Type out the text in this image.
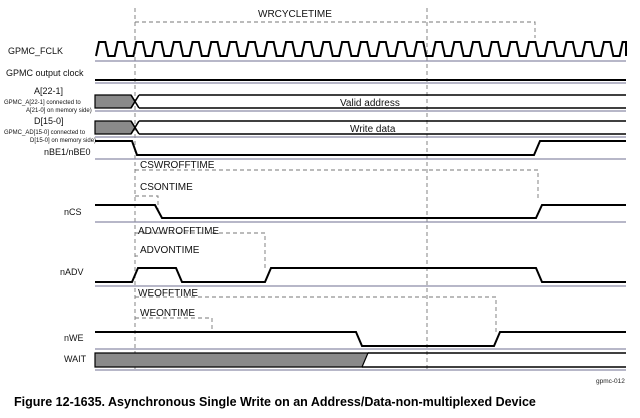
WRCYCLETIME
GPMC_FCLK
GPMC output clock
A[22-1]
GPMC_A[22-1] connected to
A[21-0] on memory side)
Valid address
D[15-0]
GPMC_AD[15-0] connected to
D[15-0] on memory side)
Write data
nBE1/nBE0
CSWROFFTIME
CSONTIME
nCS
ADVWROFFTIME
ADVONTIME
nADV
WEOFFTIME
WEONTIME
nWE
WAIT
gpmc-012
Figure 12-1635. Asynchronous Single Write on an Address/Data-non-multiplexed Device
